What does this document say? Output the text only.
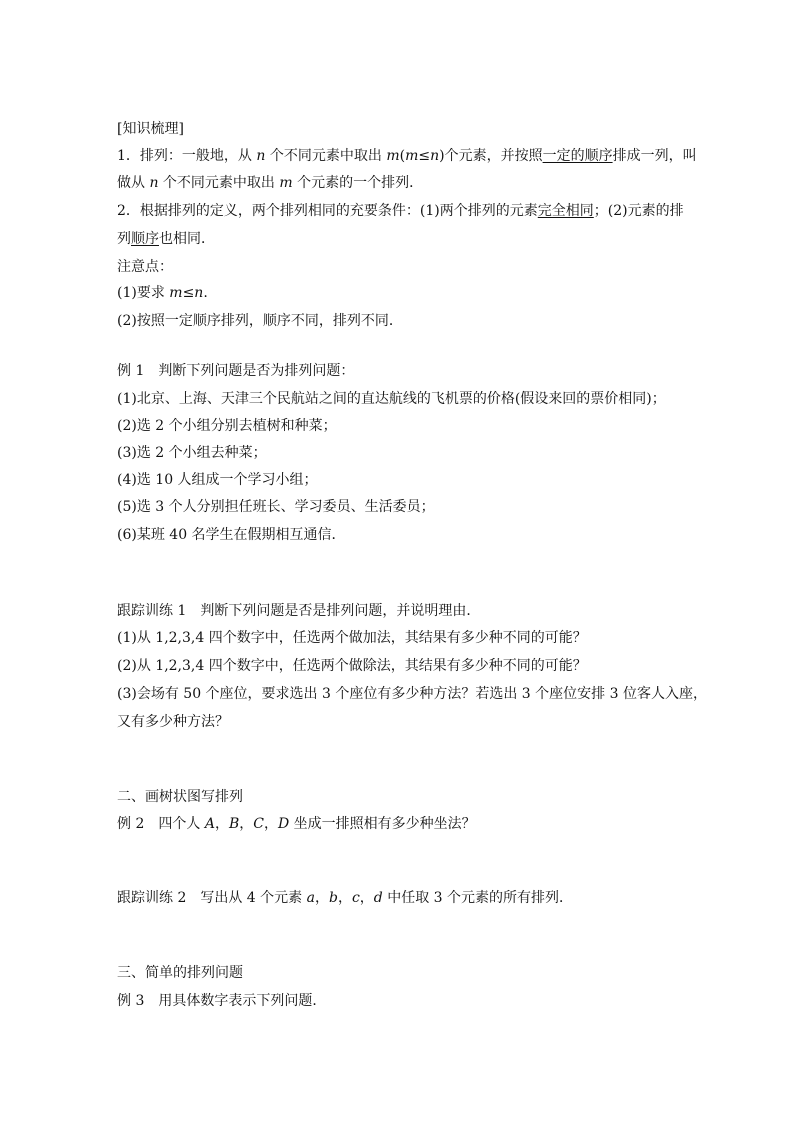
[知识梳理]
1．排列：一般地，从 n 个不同元素中取出 m(m≤n)个元素，并按照一定的顺序排成一列，叫
做从 n 个不同元素中取出 m 个元素的一个排列．
2．根据排列的定义，两个排列相同的充要条件：(1)两个排列的元素完全相同；(2)元素的排
列顺序也相同．
注意点：
(1)要求 m≤n.
(2)按照一定顺序排列，顺序不同，排列不同．
例 1　判断下列问题是否为排列问题：
(1)北京、上海、天津三个民航站之间的直达航线的飞机票的价格(假设来回的票价相同)；
(2)选 2 个小组分别去植树和种菜；
(3)选 2 个小组去种菜；
(4)选 10 人组成一个学习小组；
(5)选 3 个人分别担任班长、学习委员、生活委员；
(6)某班 40 名学生在假期相互通信．
跟踪训练 1　判断下列问题是否是排列问题，并说明理由．
(1)从 1,2,3,4 四个数字中，任选两个做加法，其结果有多少种不同的可能？
(2)从 1,2,3,4 四个数字中，任选两个做除法，其结果有多少种不同的可能？
(3)会场有 50 个座位，要求选出 3 个座位有多少种方法？若选出 3 个座位安排 3 位客人入座，
又有多少种方法？
二、画树状图写排列
例 2　四个人 A，B，C，D 坐成一排照相有多少种坐法？
跟踪训练 2　写出从 4 个元素 a，b，c，d 中任取 3 个元素的所有排列．
三、简单的排列问题
例 3　用具体数字表示下列问题．
